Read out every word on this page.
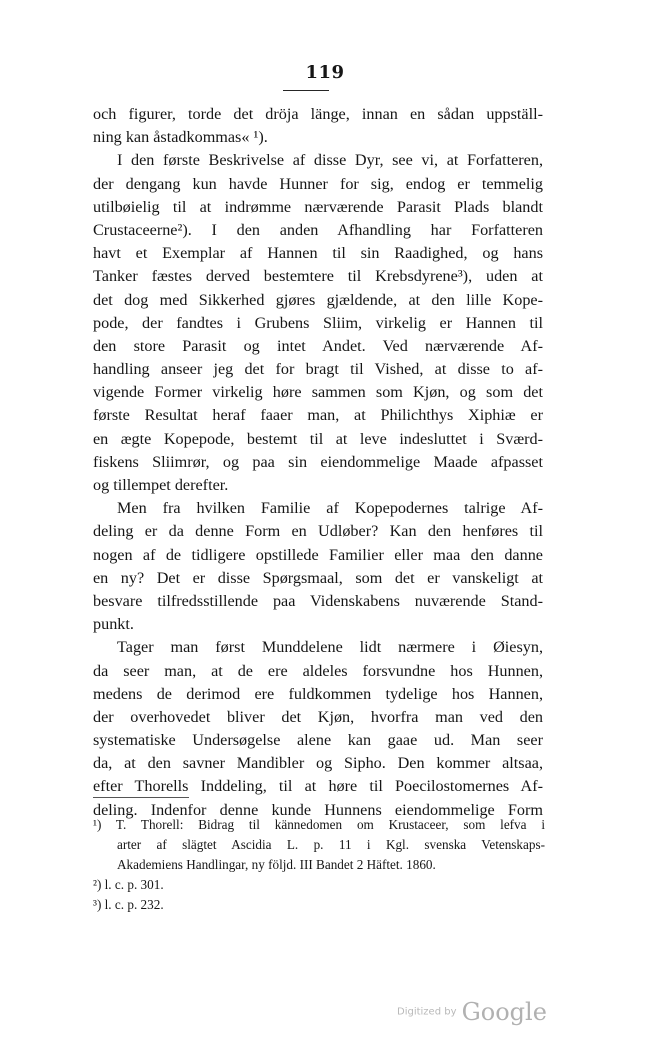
119
och figurer, torde det dröja länge, innan en sådan uppställ-
ning kan åstadkommas« ¹).
I den første Beskrivelse af disse Dyr, see vi, at Forfatteren,
der dengang kun havde Hunner for sig, endog er temmelig
utilbøielig til at indrømme nærværende Parasit Plads blandt
Crustaceerne²). I den anden Afhandling har Forfatteren
havt et Exemplar af Hannen til sin Raadighed, og hans
Tanker fæstes derved bestemtere til Krebsdyrene³), uden at
det dog med Sikkerhed gjøres gjældende, at den lille Kope-
pode, der fandtes i Grubens Sliim, virkelig er Hannen til
den store Parasit og intet Andet. Ved nærværende Af-
handling anseer jeg det for bragt til Vished, at disse to af-
vigende Former virkelig høre sammen som Kjøn, og som det
første Resultat heraf faaer man, at Philichthys Xiphiæ er
en ægte Kopepode, bestemt til at leve indesluttet i Sværd-
fiskens Sliimrør, og paa sin eiendommelige Maade afpasset
og tillempet derefter.
Men fra hvilken Familie af Kopepodernes talrige Af-
deling er da denne Form en Udløber? Kan den henføres til
nogen af de tidligere opstillede Familier eller maa den danne
en ny? Det er disse Spørgsmaal, som det er vanskeligt at
besvare tilfredsstillende paa Videnskabens nuværende Stand-
punkt.
Tager man først Munddelene lidt nærmere i Øiesyn,
da seer man, at de ere aldeles forsvundne hos Hunnen,
medens de derimod ere fuldkommen tydelige hos Hannen,
der overhovedet bliver det Kjøn, hvorfra man ved den
systematiske Undersøgelse alene kan gaae ud. Man seer
da, at den savner Mandibler og Sipho. Den kommer altsaa,
efter Thorells Inddeling, til at høre til Poecilostomernes Af-
deling. Indenfor denne kunde Hunnens eiendommelige Form
¹) T. Thorell: Bidrag til kännedomen om Krustaceer, som lefva i
arter af slägtet Ascidia L. p. 11 i Kgl. svenska Vetenskaps-
Akademiens Handlingar, ny följd. III Bandet 2 Häftet. 1860.
²) l. c. p. 301.
³) l. c. p. 232.
Digitized by Google
